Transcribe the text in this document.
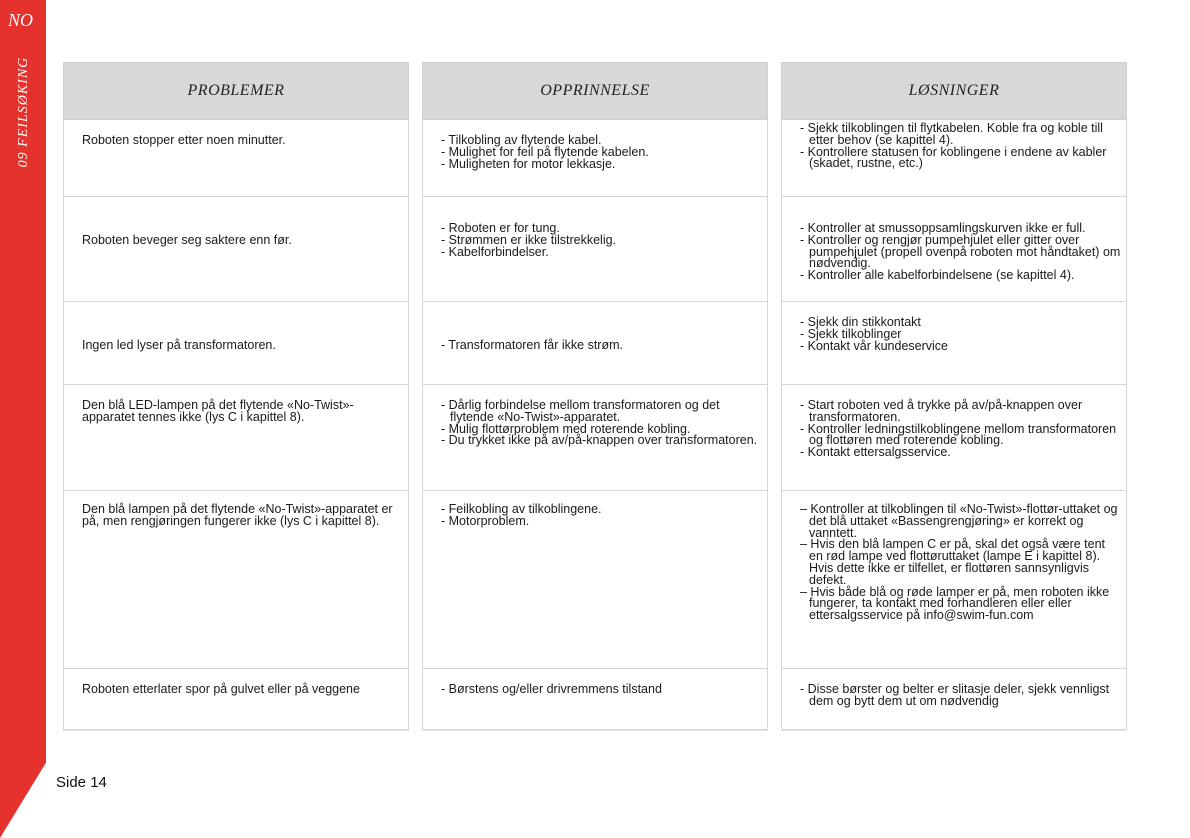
NO
09 FEILSØKING	PROBLEMER
Roboten stopper etter noen minutter.
Roboten beveger seg saktere enn før.
Ingen led lyser på transformatoren.
Den blå LED-lampen på det flytende «No-Twist»-apparatet tennes ikke (lys C i kapittel 8).
Den blå lampen på det flytende «No-Twist»-apparatet er på, men rengjøringen fungerer ikke (lys C i kapittel 8).
Roboten etterlater spor på gulvet eller på veggene
OPPRINNELSE
- Tilkobling av flytende kabel.
- Mulighet for feil på flytende kabelen.
- Muligheten for motor lekkasje.
- Roboten er for tung.
- Strømmen er ikke tilstrekkelig.
- Kabelforbindelser.
- Transformatoren får ikke strøm.
- Dårlig forbindelse mellom transformatoren og det flytende «No-Twist»-apparatet.
- Mulig flottørproblem med roterende kobling.
- Du trykket ikke på av/på-knappen over transformatoren.
- Feilkobling av tilkoblingene.
- Motorproblem.
- Børstens og/eller drivremmens tilstand
LØSNINGER
- Sjekk tilkoblingen til flytkabelen. Koble fra og koble till etter behov (se kapittel 4).
- Kontrollere statusen for koblingene i endene av kabler (skadet, rustne, etc.)
- Kontroller at smussoppsamlingskurven ikke er full.
- Kontroller og rengjør pumpehjulet eller gitter over pumpehjulet (propell ovenpå roboten mot håndtaket) om nødvendig.
- Kontroller alle kabelforbindelsene (se kapittel 4).
- Sjekk din stikkontakt
- Sjekk tilkoblinger
- Kontakt vår kundeservice
- Start roboten ved å trykke på av/på-knappen over transformatoren.
- Kontroller ledningstilkoblingene mellom transformatoren og flottøren med roterende kobling.
- Kontakt ettersalgsservice.
– Kontroller at tilkoblingen til «No-Twist»-flottør-uttaket og det blå uttaket «Bassengrengjøring» er korrekt og vanntett.
– Hvis den blå lampen C er på, skal det også være tent en rød lampe ved flottøruttaket (lampe E i kapittel 8).
Hvis dette ikke er tilfellet, er flottøren sannsynligvis defekt.
– Hvis både blå og røde lamper er på, men roboten ikke fungerer, ta kontakt med forhandleren eller eller ettersalgsservice på info@swim-fun.com
- Disse børster og belter er slitasje deler, sjekk vennligst dem og bytt dem ut om nødvendig
Side 14
